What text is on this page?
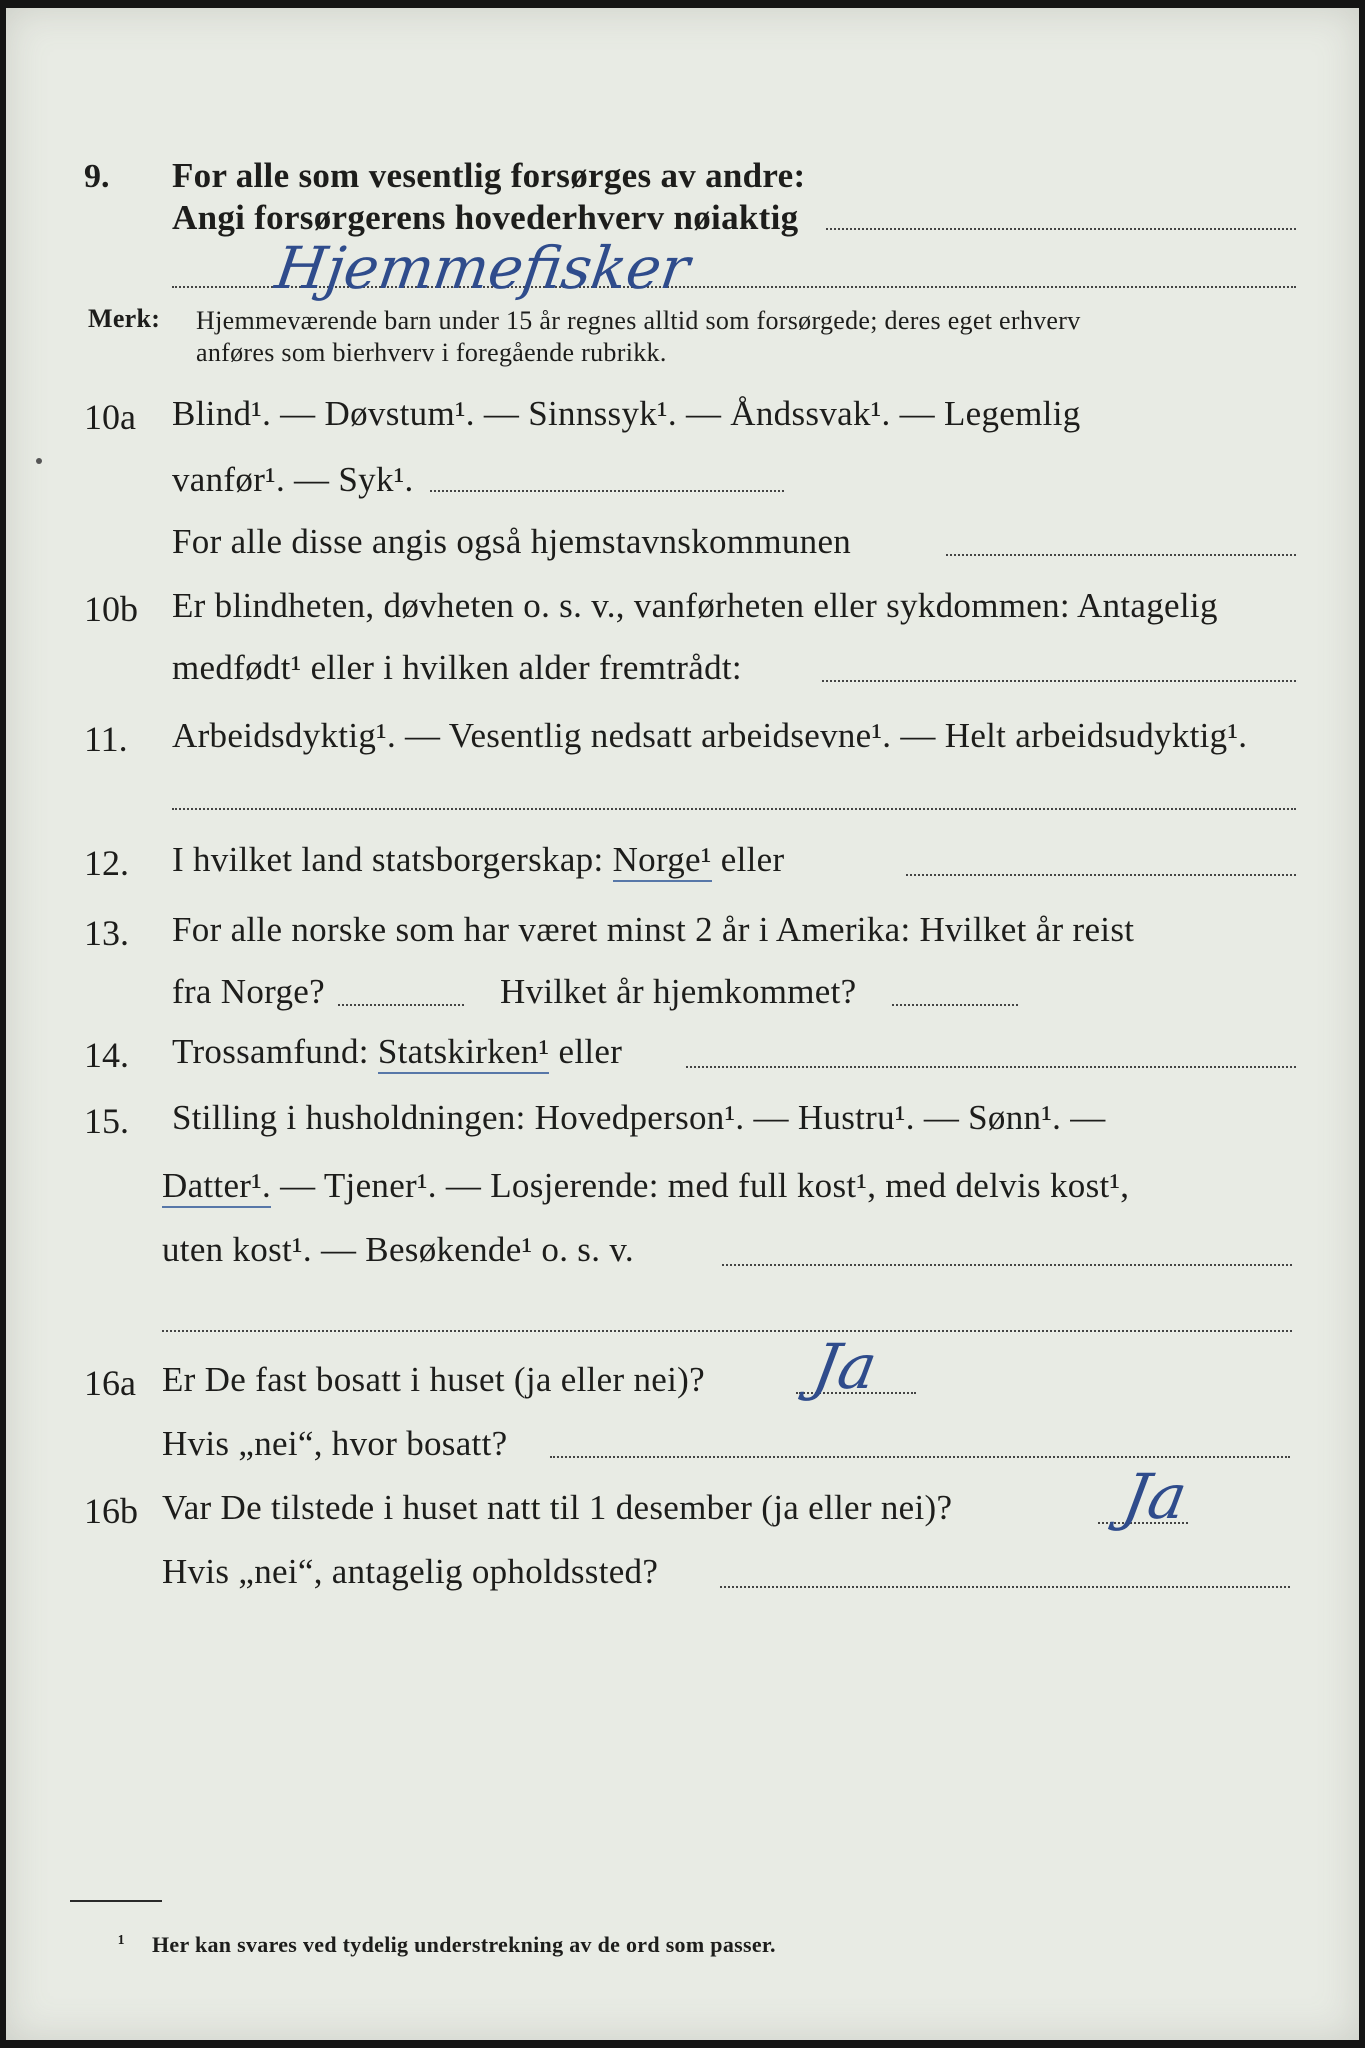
9. For alle som vesentlig forsørges av andre:
Angi forsørgerens hovederhverv nøiaktig
Hjemmefisker
Merk: Hjemmeværende barn under 15 år regnes alltid som forsørgede; deres eget erhverv
anføres som bierhverv i foregående rubrikk.
10a Blind¹. — Døvstum¹. — Sinnssyk¹. — Åndssvak¹. — Legemlig
vanfør¹. — Syk¹.
For alle disse angis også hjemstavnskommunen
10b Er blindheten, døvheten o. s. v., vanførheten eller sykdommen: Antagelig
medfødt¹ eller i hvilken alder fremtrådt:
11. Arbeidsdyktig¹. — Vesentlig nedsatt arbeidsevne¹. — Helt arbeidsudyktig¹.
12. I hvilket land statsborgerskap: Norge¹ eller
13. For alle norske som har været minst 2 år i Amerika: Hvilket år reist
fra Norge?	Hvilket år hjemkommet?
14. Trossamfund: Statskirken¹ eller
15. Stilling i husholdningen: Hovedperson¹. — Hustru¹. — Sønn¹. —
Datter¹. — Tjener¹. — Losjerende: med full kost¹, med delvis kost¹,
uten kost¹. — Besøkende¹ o. s. v.
16a Er De fast bosatt i huset (ja eller nei)? Ja
Hvis „nei“, hvor bosatt?
16b Var De tilstede i huset natt til 1 desember (ja eller nei)?	Ja
Hvis „nei“, antagelig opholdssted?
¹ Her kan svares ved tydelig understrekning av de ord som passer.
